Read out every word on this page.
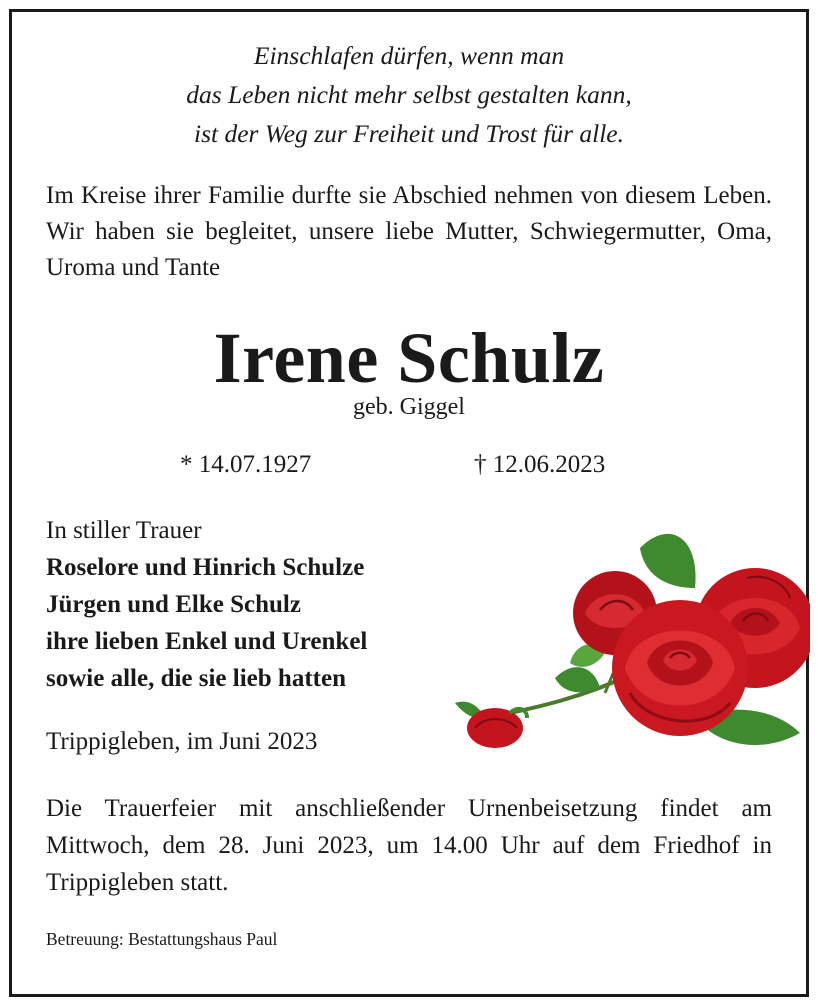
Einschlafen dürfen, wenn man
das Leben nicht mehr selbst gestalten kann,
ist der Weg zur Freiheit und Trost für alle.
Im Kreise ihrer Familie durfte sie Abschied nehmen von diesem Leben. Wir haben sie begleitet, unsere liebe Mutter, Schwiegermutter, Oma, Uroma und Tante
Irene Schulz
geb. Giggel
* 14.07.1927	† 12.06.2023
In stiller Trauer
Roselore und Hinrich Schulze
Jürgen und Elke Schulz
ihre lieben Enkel und Urenkel
sowie alle, die sie lieb hatten
Trippigleben, im Juni 2023
Die Trauerfeier mit anschließender Urnenbeisetzung findet am Mittwoch, dem 28. Juni 2023, um 14.00 Uhr auf dem Friedhof in Trippigleben statt.
Betreuung: Bestattungshaus Paul
